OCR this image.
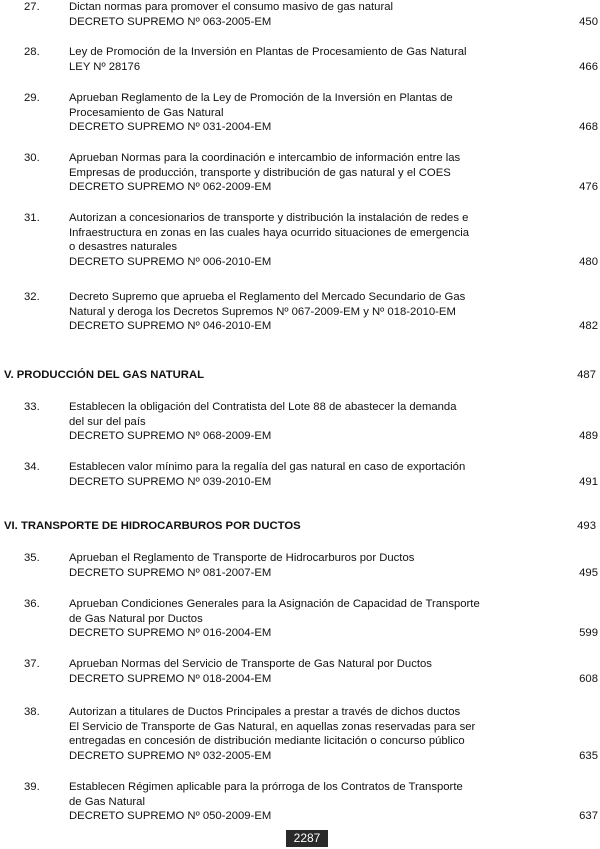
27.	Dictan normas para promover el consumo masivo de gas natural
DECRETO SUPREMO Nº 063-2005-EM	450
28.	Ley de Promoción de la Inversión en Plantas de Procesamiento de Gas Natural
LEY Nº 28176	466
29.	Aprueban Reglamento de la Ley de Promoción de la Inversión en Plantas de
Procesamiento de Gas Natural
DECRETO SUPREMO Nº 031-2004-EM	468
30.	Aprueban Normas para la coordinación e intercambio de información entre las
Empresas de producción, transporte y distribución de gas natural y el COES
DECRETO SUPREMO Nº 062-2009-EM	476
31.	Autorizan a concesionarios de transporte y distribución la instalación de redes e
Infraestructura en zonas en las cuales haya ocurrido situaciones de emergencia
o desastres naturales
DECRETO SUPREMO Nº 006-2010-EM	480
32.	Decreto Supremo que aprueba el Reglamento del Mercado Secundario de Gas
Natural y deroga los Decretos Supremos Nº 067-2009-EM y Nº 018-2010-EM
DECRETO SUPREMO Nº 046-2010-EM	482
V. PRODUCCIÓN DEL GAS NATURAL	487
33.	Establecen la obligación del Contratista del Lote 88 de abastecer la demanda
del sur del país
DECRETO SUPREMO Nº 068-2009-EM	489
34.	Establecen valor mínimo para la regalía del gas natural en caso de exportación
DECRETO SUPREMO Nº 039-2010-EM	491
VI. TRANSPORTE DE HIDROCARBUROS POR DUCTOS	493
35.	Aprueban el Reglamento de Transporte de Hidrocarburos por Ductos
DECRETO SUPREMO Nº 081-2007-EM	495
36.	Aprueban Condiciones Generales para la Asignación de Capacidad de Transporte
de Gas Natural por Ductos
DECRETO SUPREMO Nº 016-2004-EM	599
37.	Aprueban Normas del Servicio de Transporte de Gas Natural por Ductos
DECRETO SUPREMO Nº 018-2004-EM	608
38.	Autorizan a titulares de Ductos Principales a prestar a través de dichos ductos
El Servicio de Transporte de Gas Natural, en aquellas zonas reservadas para ser
entregadas en concesión de distribución mediante licitación o concurso público
DECRETO SUPREMO Nº 032-2005-EM	635
39.	Establecen Régimen aplicable para la prórroga de los Contratos de Transporte
de Gas Natural
DECRETO SUPREMO Nº 050-2009-EM	637
2287
